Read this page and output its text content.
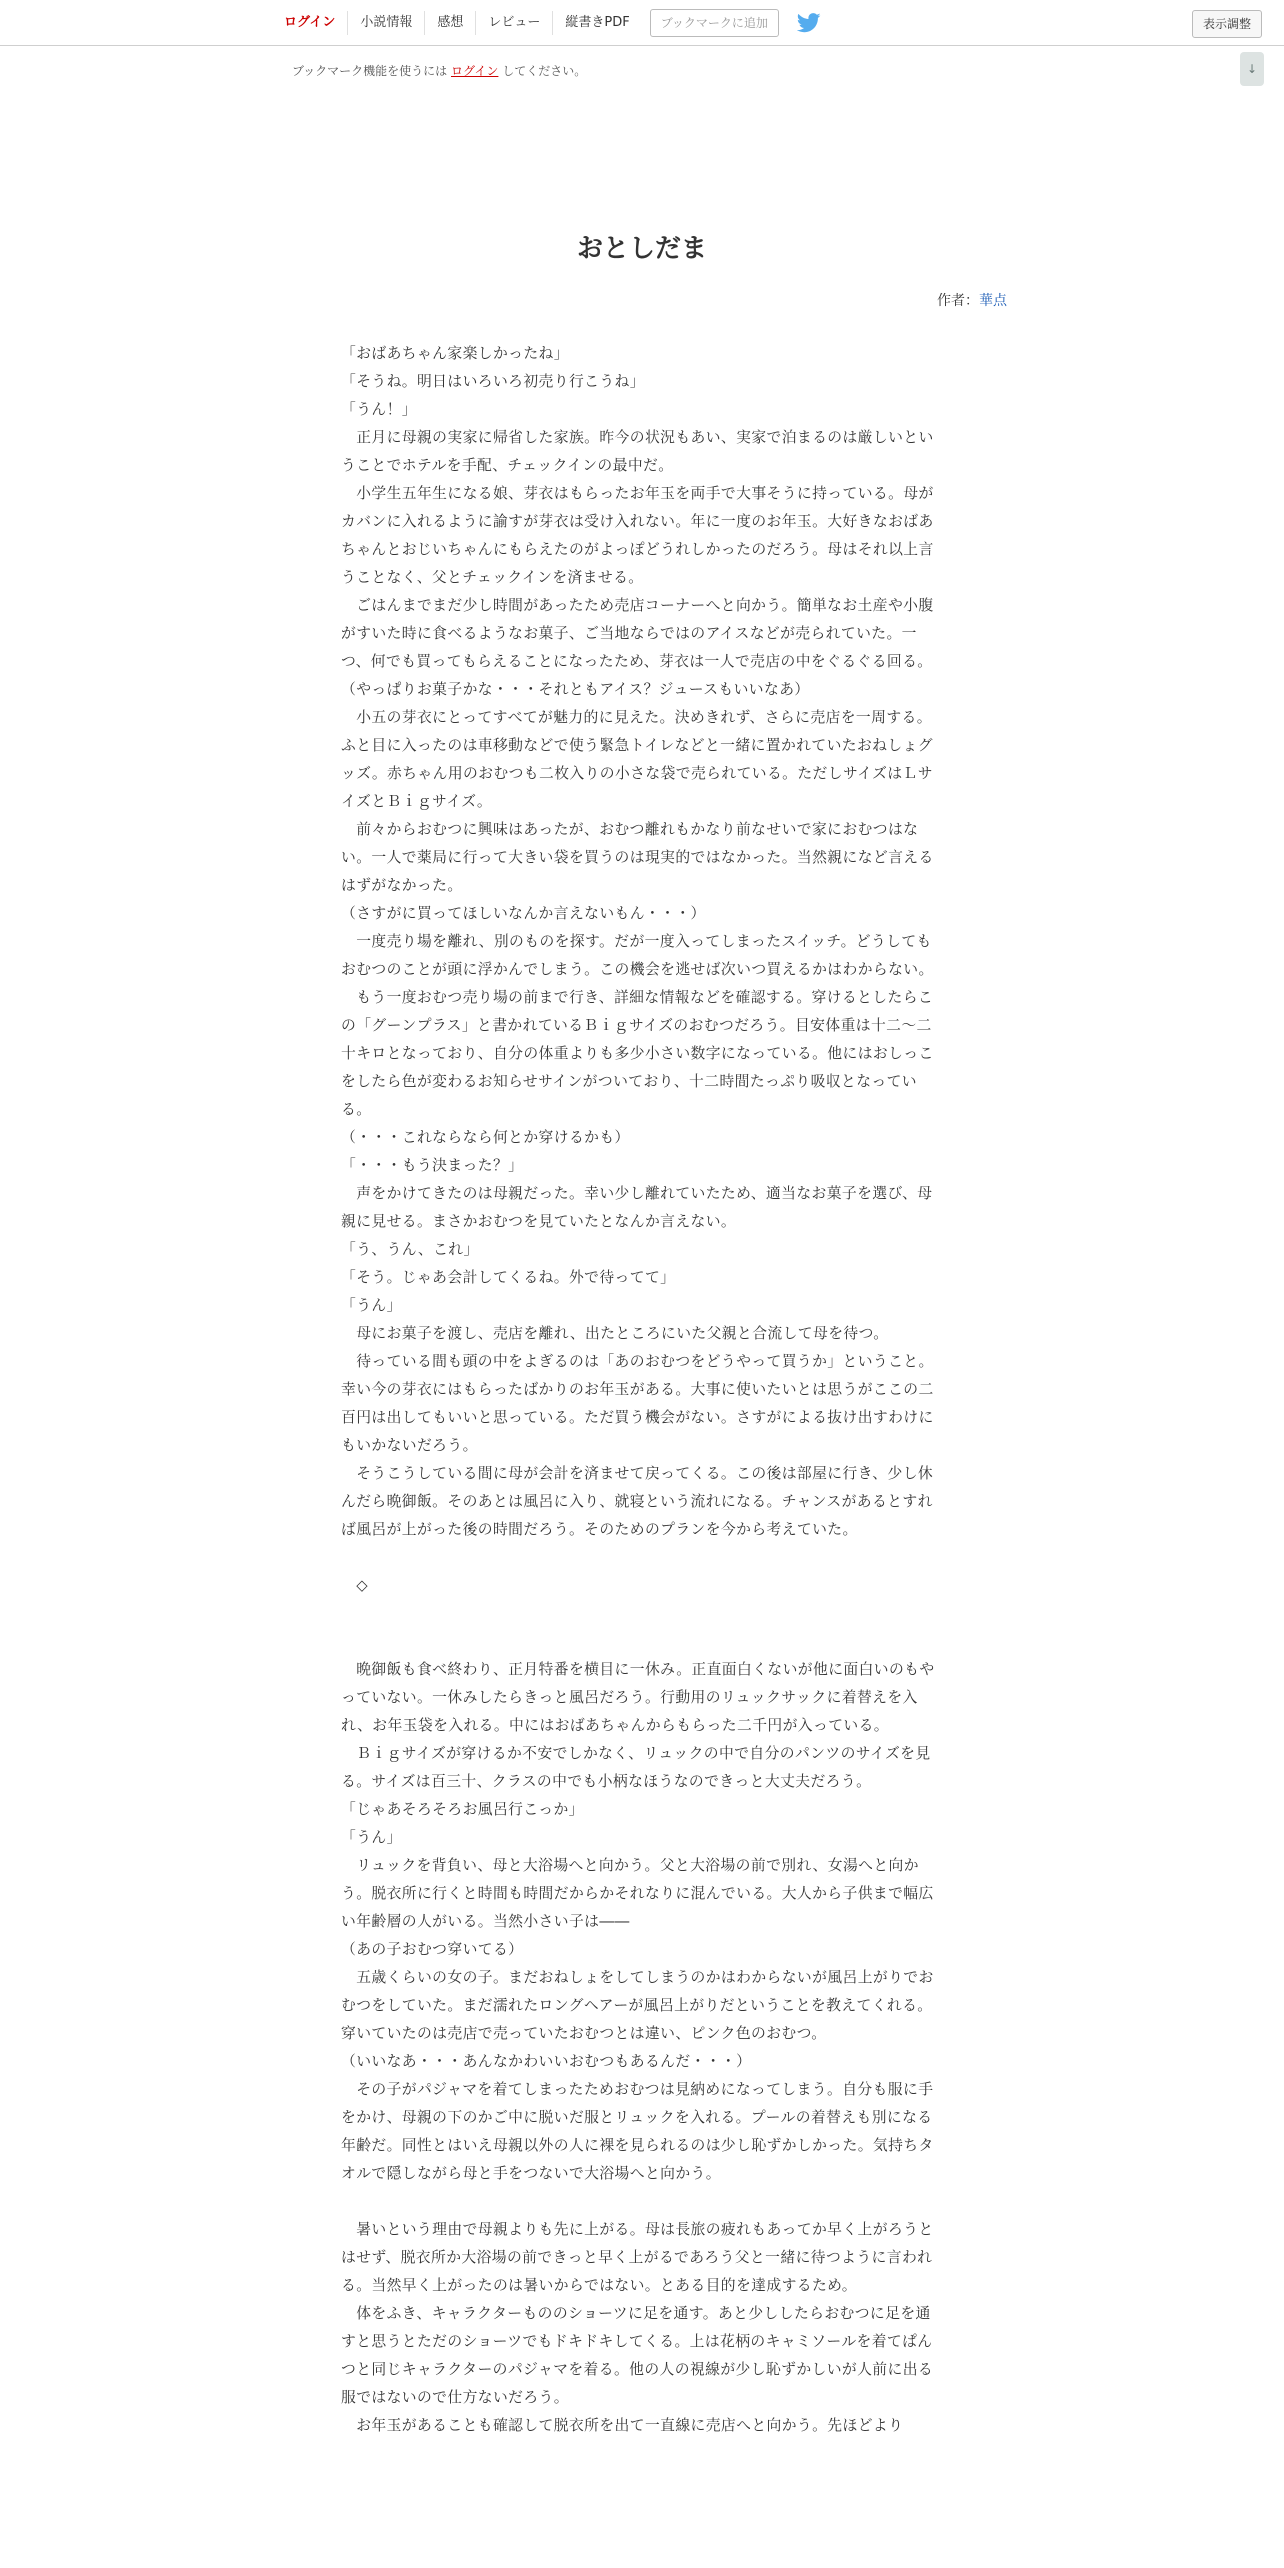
ログイン	小説情報	感想	レビュー	縦書きPDF	ブックマークに追加	表示調整
ブックマーク機能を使うには ログイン してください。	↓
おとしだま
作者：華点

「おばあちゃん家楽しかったね」

「そうね。明日はいろいろ初売り行こうね」

「うん！」

　正月に母親の実家に帰省した家族。昨今の状況もあい、実家で泊まるのは厳しいということでホテルを手配、チェックインの最中だ。

　小学生五年生になる娘、芽衣はもらったお年玉を両手で大事そうに持っている。母がカバンに入れるように諭すが芽衣は受け入れない。年に一度のお年玉。大好きなおばあちゃんとおじいちゃんにもらえたのがよっぽどうれしかったのだろう。母はそれ以上言うことなく、父とチェックインを済ませる。

　ごはんまでまだ少し時間があったため売店コーナーへと向かう。簡単なお土産や小腹がすいた時に食べるようなお菓子、ご当地ならではのアイスなどが売られていた。一つ、何でも買ってもらえることになったため、芽衣は一人で売店の中をぐるぐる回る。

（やっぱりお菓子かな・・・それともアイス？ジュースもいいなあ）

　小五の芽衣にとってすべてが魅力的に見えた。決めきれず、さらに売店を一周する。ふと目に入ったのは車移動などで使う緊急トイレなどと一緒に置かれていたおねしょグッズ。赤ちゃん用のおむつも二枚入りの小さな袋で売られている。ただしサイズはＬサイズとＢｉｇサイズ。

　前々からおむつに興味はあったが、おむつ離れもかなり前なせいで家におむつはない。一人で薬局に行って大きい袋を買うのは現実的ではなかった。当然親になど言えるはずがなかった。

（さすがに買ってほしいなんか言えないもん・・・）

　一度売り場を離れ、別のものを探す。だが一度入ってしまったスイッチ。どうしてもおむつのことが頭に浮かんでしまう。この機会を逃せば次いつ買えるかはわからない。

　もう一度おむつ売り場の前まで行き、詳細な情報などを確認する。穿けるとしたらこの「グーンプラス」と書かれているＢｉｇサイズのおむつだろう。目安体重は十二～二十キロとなっており、自分の体重よりも多少小さい数字になっている。他にはおしっこをしたら色が変わるお知らせサインがついており、十二時間たっぷり吸収となっている。

（・・・これならなら何とか穿けるかも）

「・・・もう決まった？」

　声をかけてきたのは母親だった。幸い少し離れていたため、適当なお菓子を選び、母親に見せる。まさかおむつを見ていたとなんか言えない。

「う、うん、これ」

「そう。じゃあ会計してくるね。外で待ってて」

「うん」

　母にお菓子を渡し、売店を離れ、出たところにいた父親と合流して母を待つ。

　待っている間も頭の中をよぎるのは「あのおむつをどうやって買うか」ということ。幸い今の芽衣にはもらったばかりのお年玉がある。大事に使いたいとは思うがここの二百円は出してもいいと思っている。ただ買う機会がない。さすがによる抜け出すわけにもいかないだろう。

　そうこうしている間に母が会計を済ませて戻ってくる。この後は部屋に行き、少し休んだら晩御飯。そのあとは風呂に入り、就寝という流れになる。チャンスがあるとすれば風呂が上がった後の時間だろう。そのためのプランを今から考えていた。

　◇

　晩御飯も食べ終わり、正月特番を横目に一休み。正直面白くないが他に面白いのもやっていない。一休みしたらきっと風呂だろう。行動用のリュックサックに着替えを入れ、お年玉袋を入れる。中にはおばあちゃんからもらった二千円が入っている。

　Ｂｉｇサイズが穿けるか不安でしかなく、リュックの中で自分のパンツのサイズを見る。サイズは百三十、クラスの中でも小柄なほうなのできっと大丈夫だろう。

「じゃあそろそろお風呂行こっか」

「うん」

　リュックを背負い、母と大浴場へと向かう。父と大浴場の前で別れ、女湯へと向かう。脱衣所に行くと時間も時間だからかそれなりに混んでいる。大人から子供まで幅広い年齢層の人がいる。当然小さい子は――

（あの子おむつ穿いてる）

　五歳くらいの女の子。まだおねしょをしてしまうのかはわからないが風呂上がりでおむつをしていた。まだ濡れたロングヘアーが風呂上がりだということを教えてくれる。穿いていたのは売店で売っていたおむつとは違い、ピンク色のおむつ。

（いいなあ・・・あんなかわいいおむつもあるんだ・・・）

　その子がパジャマを着てしまったためおむつは見納めになってしまう。自分も服に手をかけ、母親の下のかご中に脱いだ服とリュックを入れる。プールの着替えも別になる年齢だ。同性とはいえ母親以外の人に裸を見られるのは少し恥ずかしかった。気持ちタオルで隠しながら母と手をつないで大浴場へと向かう。

　暑いという理由で母親よりも先に上がる。母は長旅の疲れもあってか早く上がろうとはせず、脱衣所か大浴場の前できっと早く上がるであろう父と一緒に待つように言われる。当然早く上がったのは暑いからではない。とある目的を達成するため。

　体をふき、キャラクターもののショーツに足を通す。あと少ししたらおむつに足を通すと思うとただのショーツでもドキドキしてくる。上は花柄のキャミソールを着てぱんつと同じキャラクターのパジャマを着る。他の人の視線が少し恥ずかしいが人前に出る服ではないので仕方ないだろう。

　お年玉があることも確認して脱衣所を出て一直線に売店へと向かう。先ほどより
